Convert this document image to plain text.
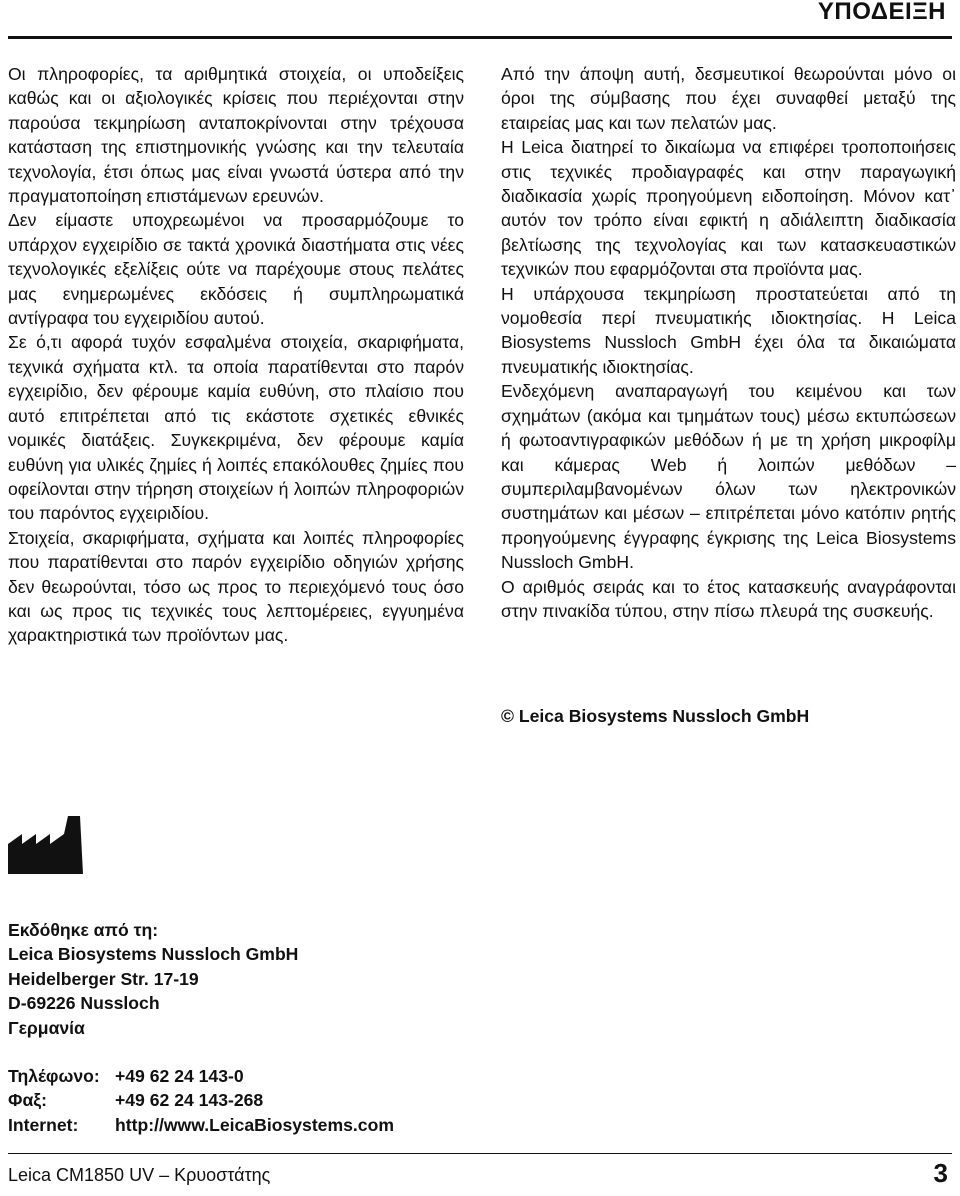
ΥΠΟΔΕΙΞΗ

Οι πληροφορίες, τα αριθμητικά στοιχεία, οι υποδείξεις καθώς και οι αξιολογικές κρίσεις που περιέχονται στην παρούσα τεκμηρίωση ανταποκρίνονται στην τρέχουσα κατάσταση της επιστημονικής γνώσης και την τελευταία τεχνολογία, έτσι όπως μας είναι γνωστά ύστερα από την πραγματοποίηση επιστάμενων ερευνών.

Δεν είμαστε υποχρεωμένοι να προσαρμόζουμε το υπάρχον εγχειρίδιο σε τακτά χρονικά διαστήματα στις νέες τεχνολογικές εξελίξεις ούτε να παρέχουμε στους πελάτες μας ενημερωμένες εκδόσεις ή συμπληρωματικά αντίγραφα του εγχειριδίου αυτού.

Σε ό,τι αφορά τυχόν εσφαλμένα στοιχεία, σκαριφήματα, τεχνικά σχήματα κτλ. τα οποία παρατίθενται στο παρόν εγχειρίδιο, δεν φέρουμε καμία ευθύνη, στο πλαίσιο που αυτό επιτρέπεται από τις εκάστοτε σχετικές εθνικές νομικές διατάξεις. Συγκεκριμένα, δεν φέρουμε καμία ευθύνη για υλικές ζημίες ή λοιπές επακόλουθες ζημίες που οφείλονται στην τήρηση στοιχείων ή λοιπών πληροφοριών του παρόντος εγχειριδίου.

Στοιχεία, σκαριφήματα, σχήματα και λοιπές πληροφορίες που παρατίθενται στο παρόν εγχειρίδιο οδηγιών χρήσης δεν θεωρούνται, τόσο ως προς το περιεχόμενό τους όσο και ως προς τις τεχνικές τους λεπτομέρειες, εγγυημένα χαρακτηριστικά των προϊόντων μας.

Από την άποψη αυτή, δεσμευτικοί θεωρούνται μόνο οι όροι της σύμβασης που έχει συναφθεί μεταξύ της εταιρείας μας και των πελατών μας.

Η Leica διατηρεί το δικαίωμα να επιφέρει τροποποιήσεις στις τεχνικές προδιαγραφές και στην παραγωγική διαδικασία χωρίς προηγούμενη ειδοποίηση. Μόνον κατ᾽ αυτόν τον τρόπο είναι εφικτή η αδιάλειπτη διαδικασία βελτίωσης της τεχνολογίας και των κατασκευαστικών τεχνικών που εφαρμόζονται στα προϊόντα μας.

Η υπάρχουσα τεκμηρίωση προστατεύεται από τη νομοθεσία περί πνευματικής ιδιοκτησίας. Η Leica Biosystems Nussloch GmbH έχει όλα τα δικαιώματα πνευματικής ιδιοκτησίας.

Ενδεχόμενη αναπαραγωγή του κειμένου και των σχημάτων (ακόμα και τμημάτων τους) μέσω εκτυπώσεων ή φωτοαντιγραφικών μεθόδων ή με τη χρήση μικροφίλμ και κάμερας Web ή λοιπών μεθόδων – συμπεριλαμβανομένων όλων των ηλεκτρονικών συστημάτων και μέσων – επιτρέπεται μόνο κατόπιν ρητής προηγούμενης έγγραφης έγκρισης της Leica Biosystems Nussloch GmbH.

Ο αριθμός σειράς και το έτος κατασκευής αναγράφονται στην πινακίδα τύπου, στην πίσω πλευρά της συσκευής.

© Leica Biosystems Nussloch GmbH
Εκδόθηκε από τη:
Leica Biosystems Nussloch GmbH
Heidelberger Str. 17-19
D-69226 Nussloch
Γερμανία
Τηλέφωνο: +49 62 24 143-0
Φαξ:	+49 62 24 143-268
Internet:	http://www.LeicaBiosystems.com
Leica CM1850 UV – Κρυοστάτης	3
